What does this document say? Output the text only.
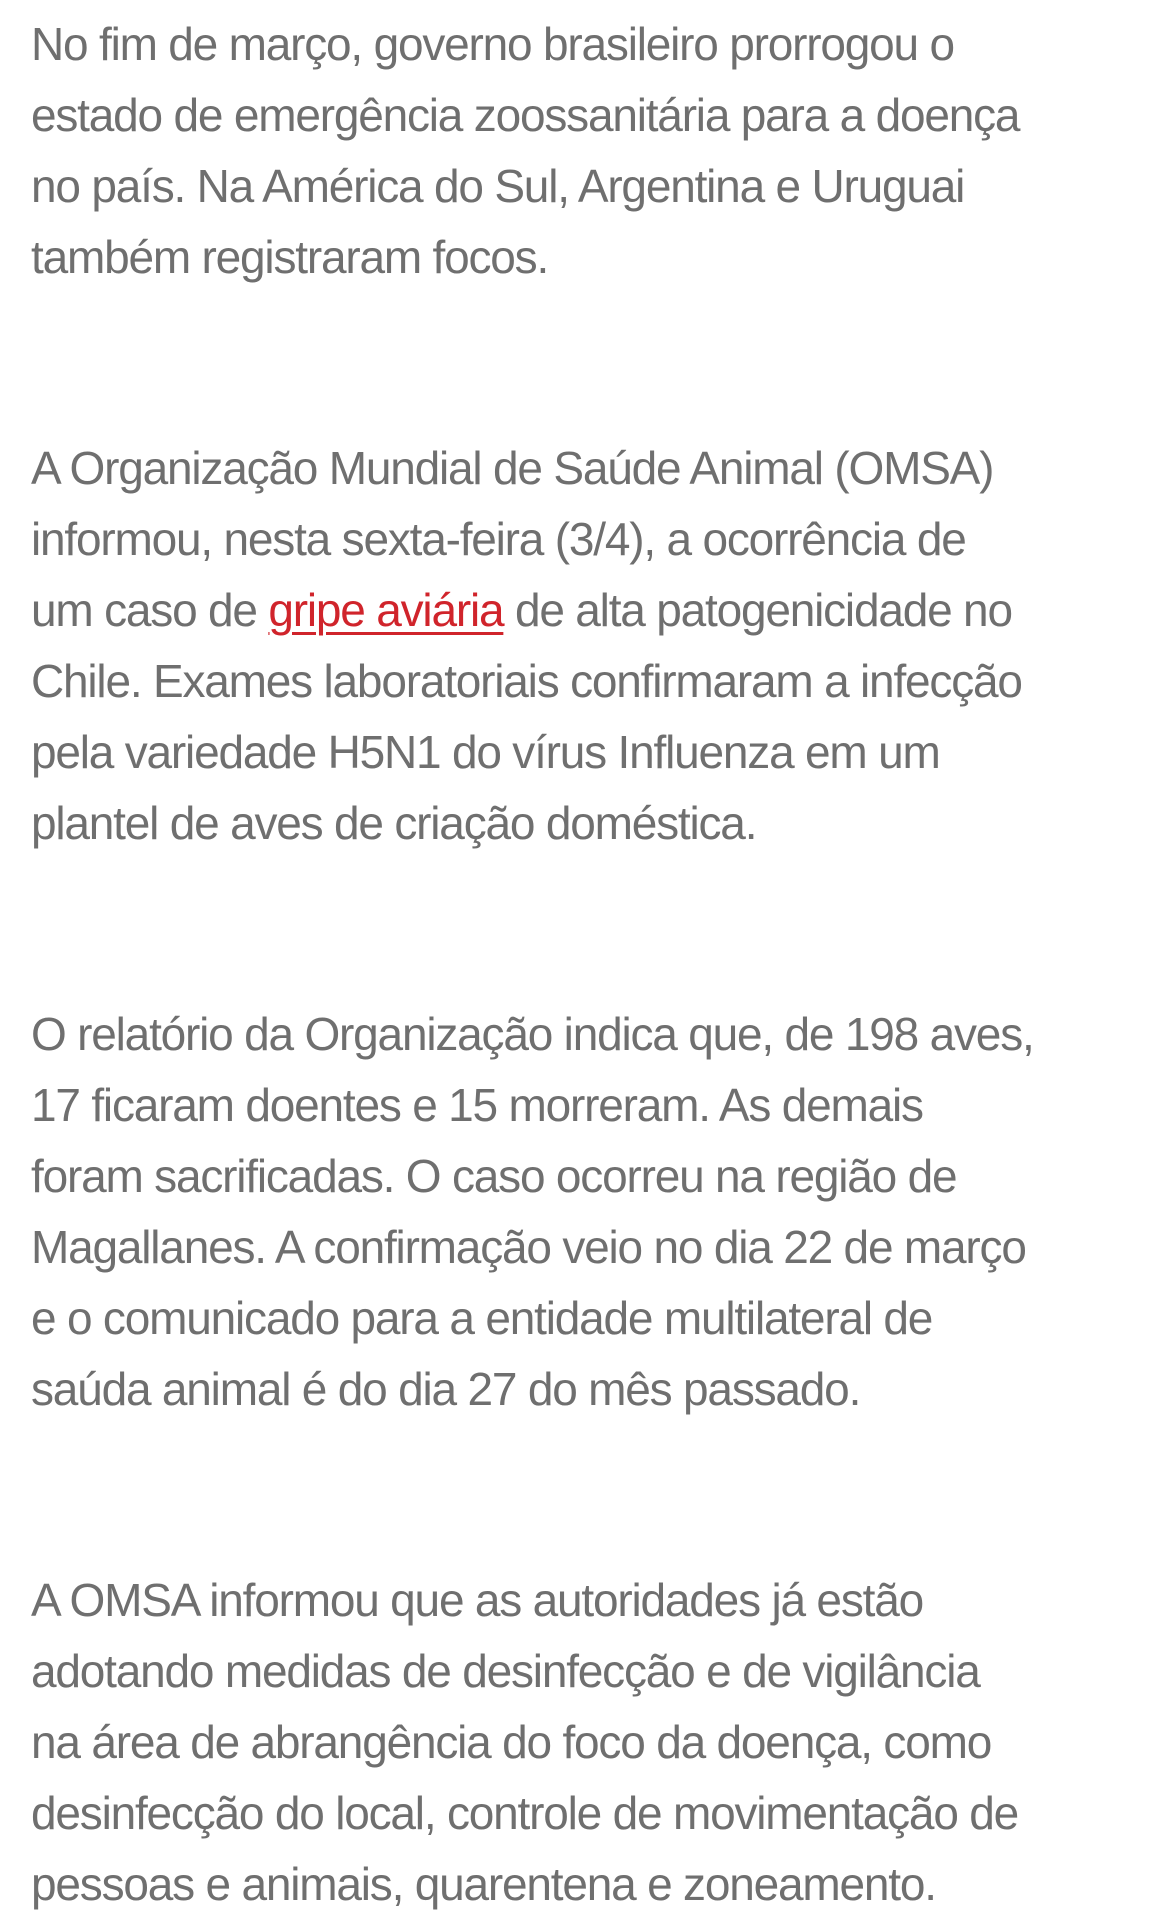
No fim de março, governo brasileiro prorrogou o
estado de emergência zoossanitária para a doença
no país. Na América do Sul, Argentina e Uruguai
também registraram focos.

A Organização Mundial de Saúde Animal (OMSA)
informou, nesta sexta-feira (3/4), a ocorrência de
um caso de gripe aviária de alta patogenicidade no
Chile. Exames laboratoriais confirmaram a infecção
pela variedade H5N1 do vírus Influenza em um
plantel de aves de criação doméstica.

O relatório da Organização indica que, de 198 aves,
17 ficaram doentes e 15 morreram. As demais
foram sacrificadas. O caso ocorreu na região de
Magallanes. A confirmação veio no dia 22 de março
e o comunicado para a entidade multilateral de
saúda animal é do dia 27 do mês passado.

A OMSA informou que as autoridades já estão
adotando medidas de desinfecção e de vigilância
na área de abrangência do foco da doença, como
desinfecção do local, controle de movimentação de
pessoas e animais, quarentena e zoneamento.
